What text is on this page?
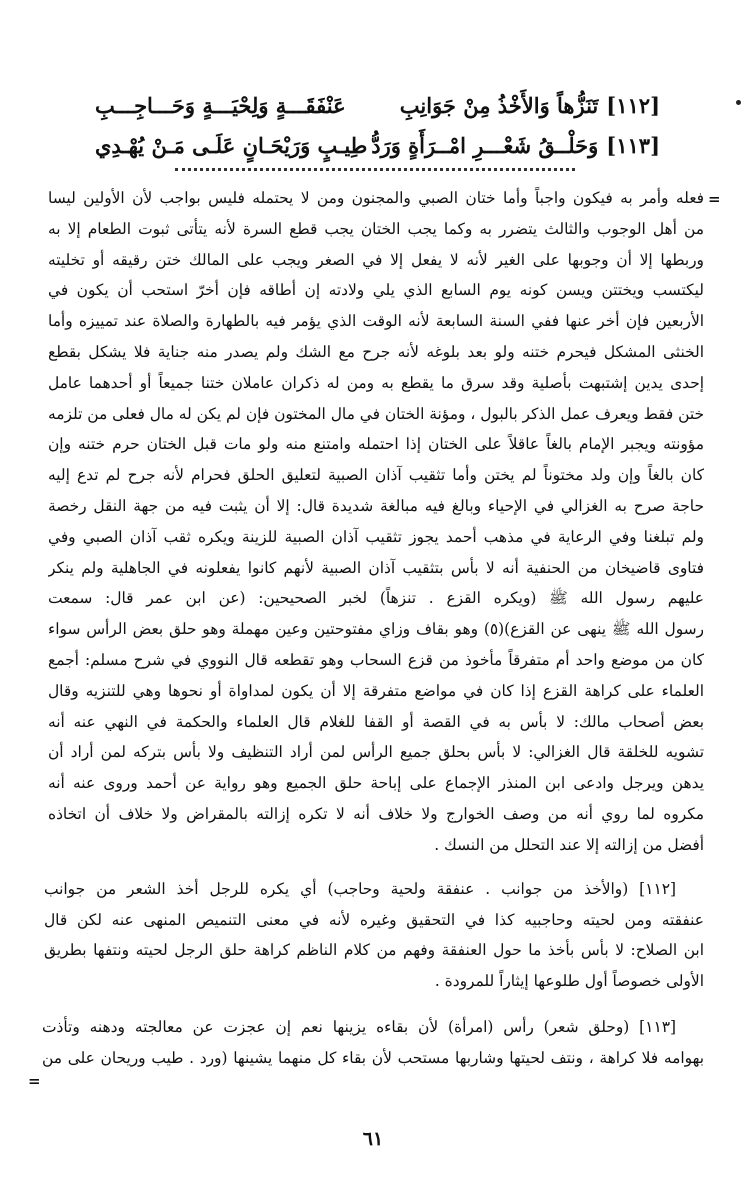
[١١٢]
تَنَزُّهاً وَالأَخْذُ مِنْ جَوَانِبِ
عَنْفَقَـــةٍ وَلِحْيَـــةٍ وَحَـــاجِـــبِ
[١١٣]
وَحَلْــقُ شَعْـــرِ امْــرَأَةٍ وَرَدُّ
طِيـبٍ وَرَيْحَـانٍ عَلَـى مَـنْ يُهْـدِي
=
=
فعله وأمر به فيكون واجباً وأما ختان الصبي والمجنون ومن لا يحتمله فليس بواجب لأن الأولين ليسا
من أهل الوجوب والثالث يتضرر به وكما يجب الختان يجب قطع السرة لأنه يتأتى ثبوت الطعام إلا به
وربطها إلا أن وجوبها على الغير لأنه لا يفعل إلا في الصغر ويجب على المالك ختن رقيقه أو تخليته
ليكتسب ويختتن ويسن كونه يوم السابع الذي يلي ولادته إن أطاقه فإن أخرّ استحب أن يكون في
الأربعين فإن أخر عنها ففي السنة السابعة لأنه الوقت الذي يؤمر فيه بالطهارة والصلاة عند تمييزه وأما
الخنثى المشكل فيحرم ختنه ولو بعد بلوغه لأنه جرح مع الشك ولم يصدر منه جناية فلا يشكل بقطع
إحدى يدين إشتبهت بأصلية وقد سرق ما يقطع به ومن له ذكران عاملان ختنا جميعاً أو أحدهما عامل
ختن فقط ويعرف عمل الذكر بالبول ، ومؤنة الختان في مال المختون فإن لم يكن له مال فعلى من تلزمه
مؤونته ويجبر الإمام بالغاً عاقلاً على الختان إذا احتمله وامتنع منه ولو مات قبل الختان حرم ختنه وإن
كان بالغاً وإن ولد مختوناً لم يختن وأما تثقيب آذان الصبية لتعليق الحلق فحرام لأنه جرح لم تدع إليه
حاجة صرح به الغزالي في الإحياء وبالغ فيه مبالغة شديدة قال: إلا أن يثبت فيه من جهة النقل رخصة
ولم تبلغنا وفي الرعاية في مذهب أحمد يجوز تثقيب آذان الصبية للزينة ويكره ثقب آذان الصبي وفي
فتاوى قاضيخان من الحنفية أنه لا بأس بتثقيب آذان الصبية لأنهم كانوا يفعلونه في الجاهلية ولم ينكر
عليهم رسول الله ﷺ (ويكره القزع . تنزهاً) لخبر الصحيحين: (عن ابن عمر قال: سمعت
رسول الله ﷺ ينهى عن القزع)(٥) وهو بقاف وزاي مفتوحتين وعين مهملة وهو حلق بعض الرأس سواء
كان من موضع واحد أم متفرقاً مأخوذ من قزع السحاب وهو تقطعه قال النووي في شرح مسلم: أجمع
العلماء على كراهة القزع إذا كان في مواضع متفرقة إلا أن يكون لمداواة أو نحوها وهي للتنزيه وقال
بعض أصحاب مالك: لا بأس به في القصة أو القفا للغلام قال العلماء والحكمة في النهي عنه أنه
تشويه للخلقة قال الغزالي: لا بأس بحلق جميع الرأس لمن أراد التنظيف ولا بأس بتركه لمن أراد أن
يدهن ويرجل وادعى ابن المنذر الإجماع على إباحة حلق الجميع وهو رواية عن أحمد وروى عنه أنه
مكروه لما روي أنه من وصف الخوارج ولا خلاف أنه لا تكره إزالته بالمقراض ولا خلاف أن اتخاذه
أفضل من إزالته إلا عند التحلل من النسك .
[١١٢] (والأخذ من جوانب . عنفقة ولحية وحاجب) أي يكره للرجل أخذ الشعر من جوانب
عنفقته ومن لحيته وحاجبيه كذا في التحقيق وغيره لأنه في معنى التنميص المنهى عنه لكن قال
ابن الصلاح: لا بأس بأخذ ما حول العنفقة وفهم من كلام الناظم كراهة حلق الرجل لحيته ونتفها بطريق
الأولى خصوصاً أول طلوعها إيثاراً للمرودة .
[١١٣] (وحلق شعر) رأس (امرأة) لأن بقاءه يزينها نعم إن عجزت عن معالجته ودهنه وتأذت
بهوامه فلا كراهة ، ونتف لحيتها وشاربها مستحب لأن بقاء كل منهما يشينها (ورد . طيب وريحان على من
٦١
